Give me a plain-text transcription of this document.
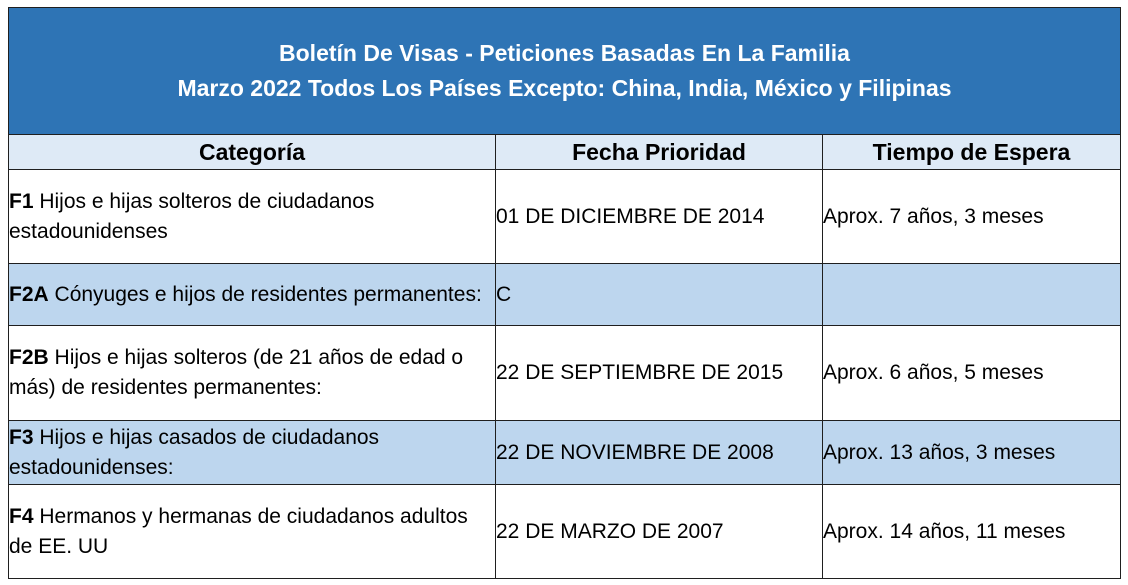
Boletín De Visas - Peticiones Basadas En La Familia
Marzo 2022 Todos Los Países Excepto: China, India, México y Filipinas		

Categoría	Fecha Prioridad	Tiempo de Espera
F1 Hijos e hijas solteros de ciudadanos estadounidenses	01 DE DICIEMBRE DE 2014	Aprox. 7 años, 3 meses
F2A Cónyuges e hijos de residentes permanentes:	C	
F2B Hijos e hijas solteros (de 21 años de edad o más) de residentes permanentes:	22 DE SEPTIEMBRE DE 2015	Aprox. 6 años, 5 meses
F3 Hijos e hijas casados de ciudadanos estadounidenses:	22 DE NOVIEMBRE DE 2008	Aprox. 13 años, 3 meses
F4 Hermanos y hermanas de ciudadanos adultos de EE. UU	22 DE MARZO DE 2007	Aprox. 14 años, 11 meses
